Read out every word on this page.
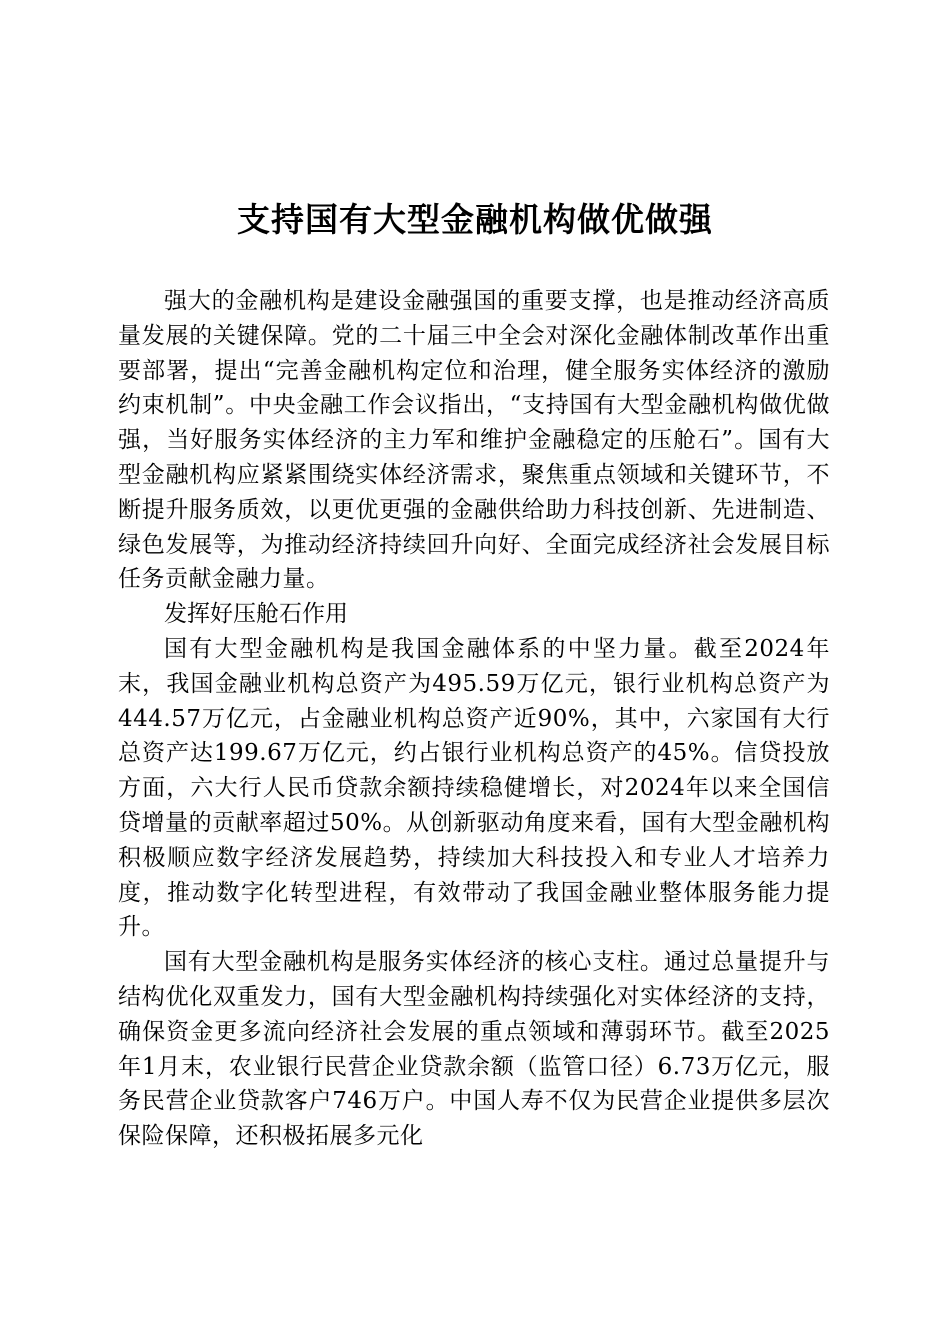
支持国有大型金融机构做优做强

强大的金融机构是建设金融强国的重要支撑，也是推动经济高质量发展的关键保障。党的二十届三中全会对深化金融体制改革作出重要部署，提出“完善金融机构定位和治理，健全服务实体经济的激励约束机制”。中央金融工作会议指出，“支持国有大型金融机构做优做强，当好服务实体经济的主力军和维护金融稳定的压舱石”。国有大型金融机构应紧紧围绕实体经济需求，聚焦重点领域和关键环节，不断提升服务质效，以更优更强的金融供给助力科技创新、先进制造、绿色发展等，为推动经济持续回升向好、全面完成经济社会发展目标任务贡献金融力量。

发挥好压舱石作用

国有大型金融机构是我国金融体系的中坚力量。截至2024年末，我国金融业机构总资产为495.59万亿元，银行业机构总资产为444.57万亿元，占金融业机构总资产近90%，其中，六家国有大行总资产达199.67万亿元，约占银行业机构总资产的45%。信贷投放方面，六大行人民币贷款余额持续稳健增长，对2024年以来全国信贷增量的贡献率超过50%。从创新驱动角度来看，国有大型金融机构积极顺应数字经济发展趋势，持续加大科技投入和专业人才培养力度，推动数字化转型进程，有效带动了我国金融业整体服务能力提升。

国有大型金融机构是服务实体经济的核心支柱。通过总量提升与结构优化双重发力，国有大型金融机构持续强化对实体经济的支持，确保资金更多流向经济社会发展的重点领域和薄弱环节。截至2025年1月末，农业银行民营企业贷款余额（监管口径）6.73万亿元，服务民营企业贷款客户746万户。中国人寿不仅为民营企业提供多层次保险保障，还积极拓展多元化
